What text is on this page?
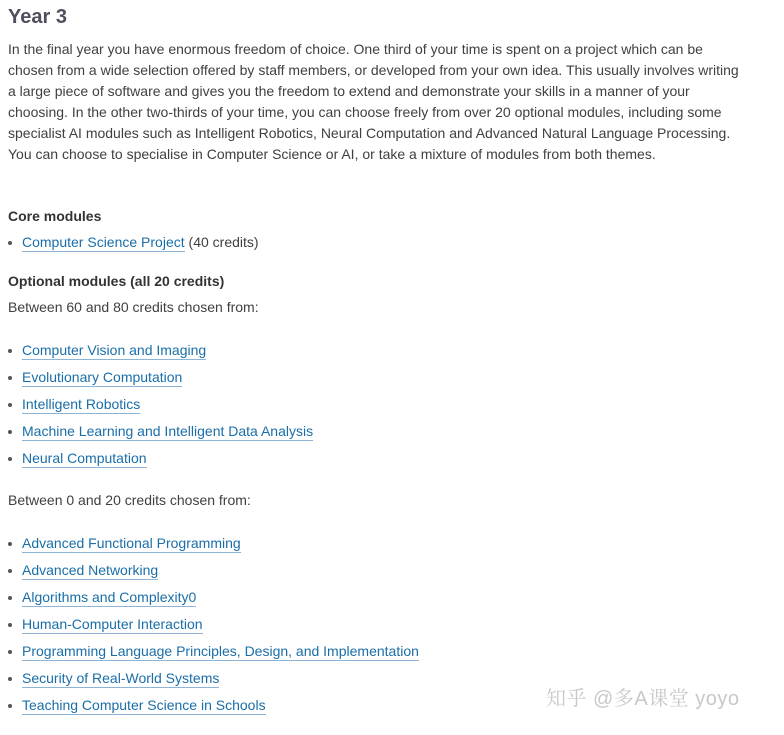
Year 3

In the final year you have enormous freedom of choice. One third of your time is spent on a project which can be chosen from a wide selection offered by staff members, or developed from your own idea. This usually involves writing a large piece of software and gives you the freedom to extend and demonstrate your skills in a manner of your choosing. In the other two-thirds of your time, you can choose freely from over 20 optional modules, including some specialist AI modules such as Intelligent Robotics, Neural Computation and Advanced Natural Language Processing. You can choose to specialise in Computer Science or AI, or take a mixture of modules from both themes.

Core modules
Computer Science Project (40 credits)
Optional modules (all 20 credits)
Between 60 and 80 credits chosen from:
Computer Vision and Imaging
Evolutionary Computation
Intelligent Robotics
Machine Learning and Intelligent Data Analysis
Neural Computation
Between 0 and 20 credits chosen from:
Advanced Functional Programming
Advanced Networking
Algorithms and Complexity0
Human-Computer Interaction
Programming Language Principles, Design, and Implementation
Security of Real-World Systems
Teaching Computer Science in Schools	知乎 @多A课堂 yoyo
